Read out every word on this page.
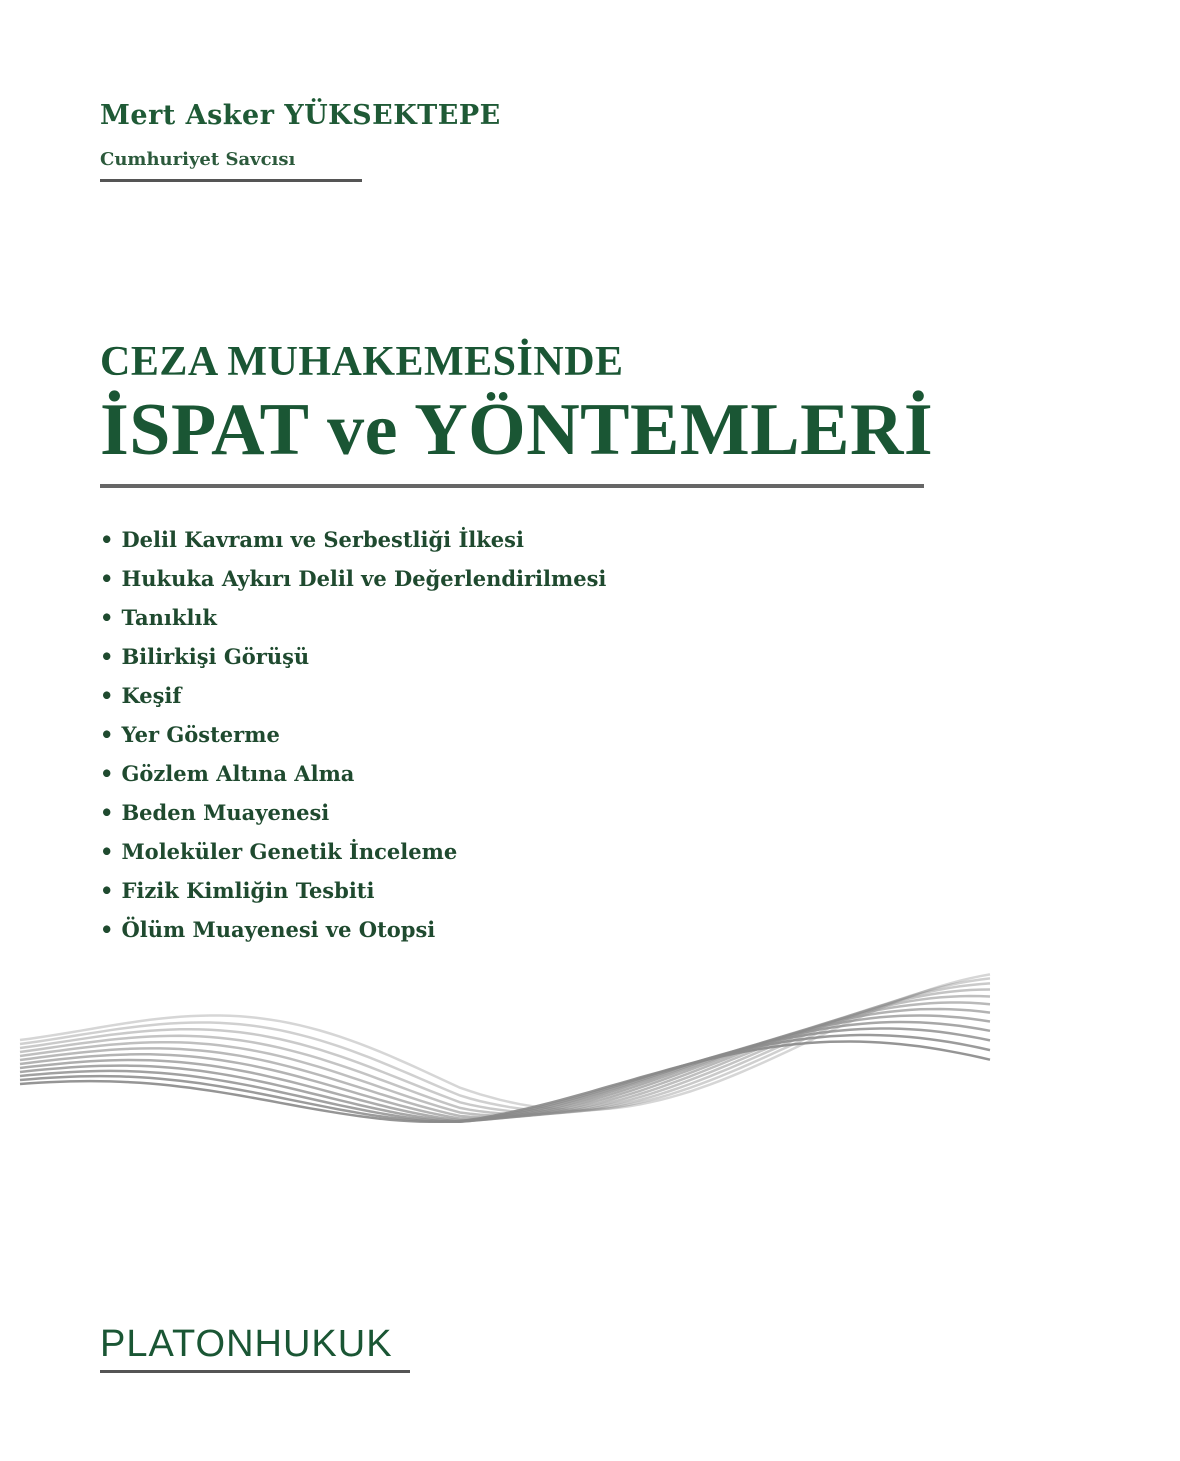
Mert Asker YÜKSEKTEPE
Cumhuriyet Savcısı
CEZA MUHAKEMESİNDE
İSPAT ve YÖNTEMLERİ
• Delil Kavramı ve Serbestliği İlkesi
• Hukuka Aykırı Delil ve Değerlendirilmesi
• Tanıklık
• Bilirkişi Görüşü
• Keşif
• Yer Gösterme
• Gözlem Altına Alma
• Beden Muayenesi
• Moleküler Genetik İnceleme
• Fizik Kimliğin Tesbiti
• Ölüm Muayenesi ve Otopsi
PLATONHUKUK
